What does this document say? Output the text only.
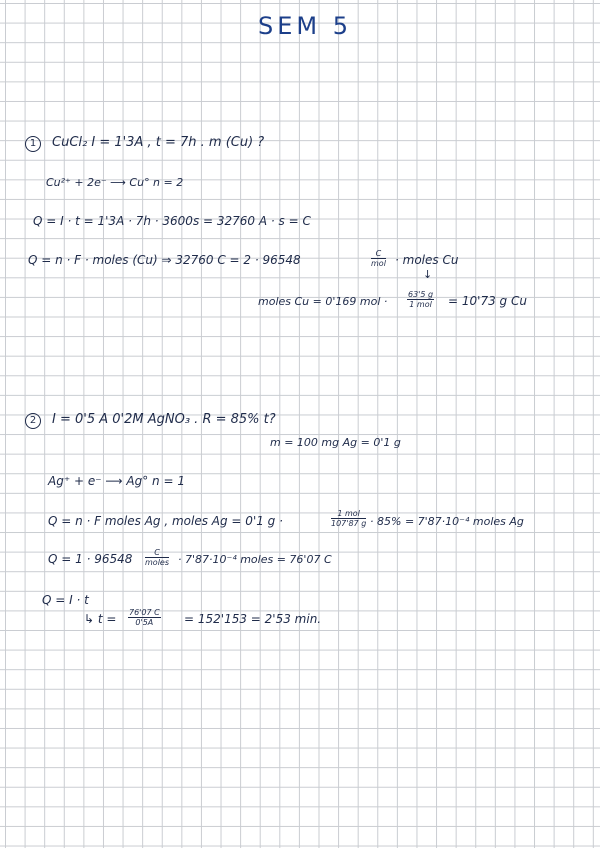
SEM 5
1	CuCl₂ I = 1'3A , t = 7h . m (Cu) ?
Cu²⁺ + 2e⁻ ⟶ Cu° n = 2
Q = I · t = 1'3A · 7h · 3600s = 32760 A · s = C
Q = n · F · moles (Cu) ⇒ 32760 C = 2 · 96548	C
mol · moles Cu
↓
moles Cu = 0'169 mol ·
63'5 g
1 mol = 10'73 g Cu
2	I = 0'5 A 0'2M AgNO₃ . R = 85% t?
m = 100 mg Ag = 0'1 g
Ag⁺ + e⁻ ⟶ Ag° n = 1
Q = n · F moles Ag , moles Ag = 0'1 g ·
1 mol
107'87 g · 85% = 7'87·10⁻⁴ moles Ag
Q = 1 · 96548	C
moles · 7'87·10⁻⁴ moles = 76'07 C
Q = I · t
↳ $t = \frac{76'07 C}{0'5A} = 152'153 = 2'53$ min.
